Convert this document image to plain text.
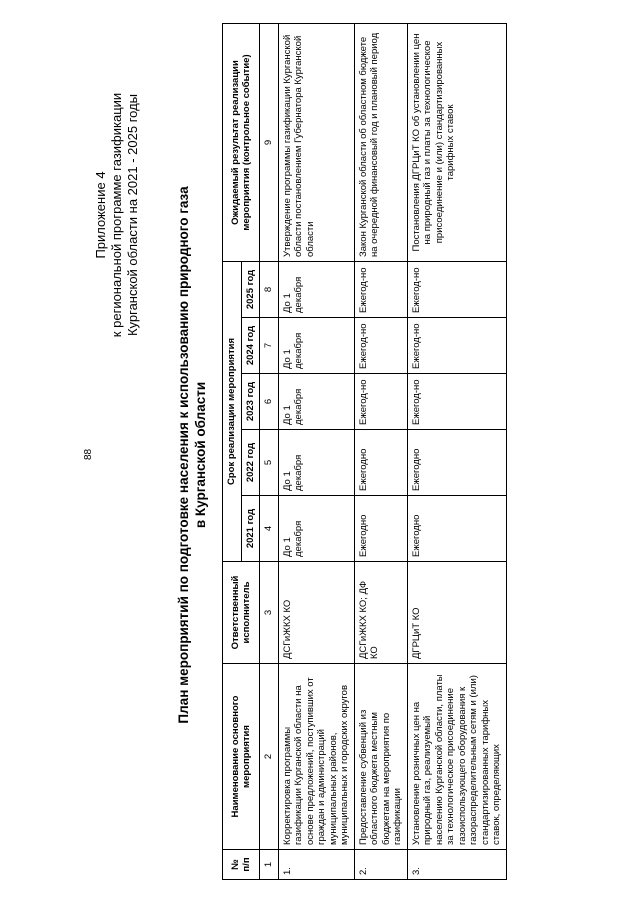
88
Приложение 4 к региональной программе газификации Курганской области на 2021 - 2025 годы	План мероприятий по подготовке населения к использованию природного газа в Курганской области
№ п/п	Наименование основного мероприятия	Ответственный исполнитель	Срок реализации мероприятия					Ожидаемый результат реализации мероприятия (контрольное событие)
			2021 год	2022 год	2023 год	2024 год	2025 год	
1	2	3	4	5	6	7	8	9
1.	Корректировка программы газификации Курганской области на основе предложений, поступивших от граждан и администраций муниципальных районов, муниципальных и городских округов	ДСГиЖКХ КО	До 1 декабря	До 1 декабря	До 1 декабря	До 1 декабря	До 1 декабря	Утверждение программы газификации Курганской области постановлением Губернатора Курганской области
2.	Предоставление субвенций из областного бюджета местным бюджетам на мероприятия по газификации	ДСГиЖКХ КО; ДФ КО	Ежегодно	Ежегодно	Ежегод-но	Ежегод-но	Ежегод-но	Закон Курганской области об областном бюджете на очередной финансовый год и плановый период
3.	Установление розничных цен на природный газ, реализуемый населению Курганской области, платы за технологическое присоединение газоиспользующего оборудования к газораспределительным сетям и (или) стандартизированных тарифных ставок, определяющих	ДГРЦиТ КО	Ежегодно	Ежегодно	Ежегод-но	Ежегод-но	Ежегод-но	Постановления ДГРЦиТ КО об установлении цен на природный газ и платы за технологическое присоединение и (или) стандартизированных тарифных ставок
